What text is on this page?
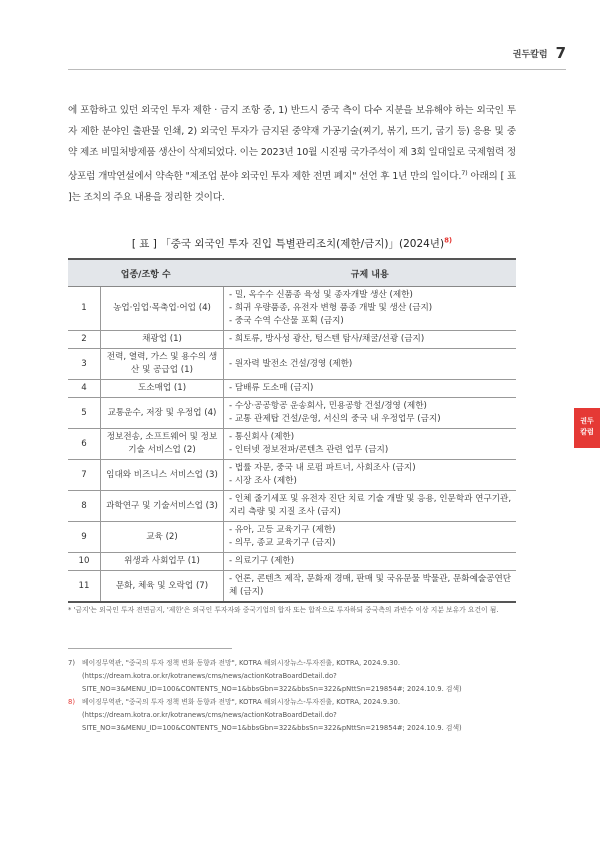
권두칼럼 7
에 포함하고 있던 외국인 투자 제한 · 금지 조항 중, 1) 반드시 중국 측이 다수 지분을 보유해야 하는 외국인 투자 제한 분야인 출판물 인쇄, 2) 외국인 투자가 금지된 중약재 가공기술(찌기, 볶기, 뜨기, 굽기 등) 응용 및 중약 제조 비밀처방제품 생산이 삭제되었다. 이는 2023년 10월 시진핑 국가주석이 제 3회 일대일로 국제협력 정상포럼 개막연설에서 약속한 "제조업 분야 외국인 투자 제한 전면 폐지" 선언 후 1년 만의 일이다.$^{7)}$ 아래의 [ 표 ]는 조치의 주요 내용을 정리한 것이다.
[ 표 ] 「중국 외국인 투자 진입 특별관리조치(제한/금지)」(2024년)$^{8)}$
업종/조항 수		규제 내용
1	농업·임업·목축업·어업 (4)	- 밀, 옥수수 신품종 육성 및 종자개발 생산 (제한)
- 희귀 우량품종, 유전자 변형 품종 개발 및 생산 (금지)
- 중국 수역 수산물 포획 (금지)

2	채광업 (1)	- 희토류, 방사성 광산, 텅스텐 탐사/채굴/선광 (금지)

3	전력, 열력, 가스 및 용수의 생산 및 공급업 (1)	- 원자력 발전소 건설/경영 (제한)

4	도소매업 (1)	- 담배류 도소매 (금지)

5	교통운수, 저장 및 우정업 (4)	- 수상·공공항공 운송회사, 민용공항 건설/경영 (제한)
- 교통 관제탑 건설/운영, 서신의 중국 내 우정업무 (금지)

6	정보전송, 소프트웨어 및 정보기술 서비스업 (2)	- 통신회사 (제한)
- 인터넷 정보전파/콘텐츠 관련 업무 (금지)

7	임대와 비즈니스 서비스업 (3)	- 법률 자문, 중국 내 로펌 파트너, 사회조사 (금지)
- 시장 조사 (제한)

8	과학연구 및 기술서비스업 (3)	- 인체 줄기세포 및 유전자 진단 치료 기술 개발 및 응용, 인문학과 연구기관, 지리 측량 및 지질 조사 (금지)

9	교육 (2)	- 유아, 고등 교육기구 (제한)
- 의무, 종교 교육기구 (금지)

10	위생과 사회업무 (1)	- 의료기구 (제한)

11	문화, 체육 및 오락업 (7)	- 언론, 콘텐츠 제작, 문화재 경매, 판매 및 국유문물 박물관, 문화예술공연단체 (금지)
* '금지'는 외국인 투자 전면금지, '제한'은 외국인 투자자와 중국기업의 합자 또는 합작으로 투자하되 중국측의 과반수 이상 지분 보유가 요건이 됨.
7) 베이징무역관, "중국의 투자 정책 변화 동향과 전망", KOTRA 해외시장뉴스-투자진출, KOTRA, 2024.9.30. (https://dream.kotra.or.kr/kotranews/cms/news/actionKotraBoardDetail.do?SITE_NO=3&MENU_ID=100&CONTENTS_NO=1&bbsGbn=322&bbsSn=322&pNttSn=219854#; 2024.10.9. 검색)
8) 베이징무역관, "중국의 투자 정책 변화 동향과 전망", KOTRA 해외시장뉴스-투자진출, KOTRA, 2024.9.30. (https://dream.kotra.or.kr/kotranews/cms/news/actionKotraBoardDetail.do?SITE_NO=3&MENU_ID=100&CONTENTS_NO=1&bbsGbn=322&bbsSn=322&pNttSn=219854#; 2024.10.9. 검색)
권두
칼럼
